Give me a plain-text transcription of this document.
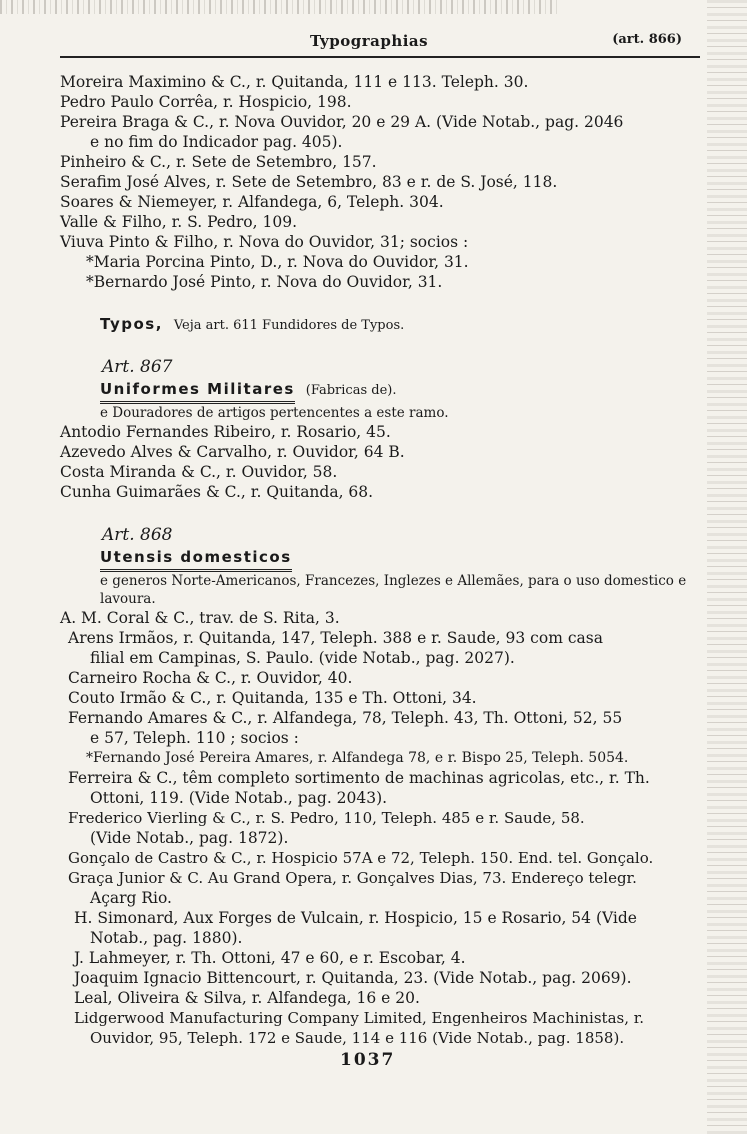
Typographias	(art. 866)
Moreira Maximino & C., r. Quitanda, 111 e 113. Teleph. 30.
Pedro Paulo Corrêa, r. Hospicio, 198.
Pereira Braga & C., r. Nova Ouvidor, 20 e 29 A. (Vide Notab., pag. 2046
e no fim do Indicador pag. 405).
Pinheiro & C., r. Sete de Setembro, 157.
Serafim José Alves, r. Sete de Setembro, 83 e r. de S. José, 118.
Soares & Niemeyer, r. Alfandega, 6, Teleph. 304.
Valle & Filho, r. S. Pedro, 109.
Viuva Pinto & Filho, r. Nova do Ouvidor, 31; socios :
*Maria Porcina Pinto, D., r. Nova do Ouvidor, 31.
*Bernardo José Pinto, r. Nova do Ouvidor, 31.
Typos, Veja art. 611 Fundidores de Typos.
Art. 867
Uniformes Militares (Fabricas de).
e Douradores de artigos pertencentes a este ramo.
Antodio Fernandes Ribeiro, r. Rosario, 45.
Azevedo Alves & Carvalho, r. Ouvidor, 64 B.
Costa Miranda & C., r. Ouvidor, 58.
Cunha Guimarães & C., r. Quitanda, 68.
Art. 868
Utensis domesticos
e generos Norte-Americanos, Francezes, Inglezes e Allemães, para o uso domestico e lavoura.
A. M. Coral & C., trav. de S. Rita, 3.
Arens Irmãos, r. Quitanda, 147, Teleph. 388 e r. Saude, 93 com casa
filial em Campinas, S. Paulo. (vide Notab., pag. 2027).
Carneiro Rocha & C., r. Ouvidor, 40.
Couto Irmão & C., r. Quitanda, 135 e Th. Ottoni, 34.
Fernando Amares & C., r. Alfandega, 78, Teleph. 43, Th. Ottoni, 52, 55
e 57, Teleph. 110 ; socios :
*Fernando José Pereira Amares, r. Alfandega 78, e r. Bispo 25, Teleph. 5054.
Ferreira & C., têm completo sortimento de machinas agricolas, etc., r. Th.
Ottoni, 119. (Vide Notab., pag. 2043).
Frederico Vierling & C., r. S. Pedro, 110, Teleph. 485 e r. Saude, 58.
(Vide Notab., pag. 1872).
Gonçalo de Castro & C., r. Hospicio 57A e 72, Teleph. 150. End. tel. Gonçalo.
Graça Junior & C. Au Grand Opera, r. Gonçalves Dias, 73. Endereço telegr.
Açarg Rio.
H. Simonard, Aux Forges de Vulcain, r. Hospicio, 15 e Rosario, 54 (Vide
Notab., pag. 1880).
J. Lahmeyer, r. Th. Ottoni, 47 e 60, e r. Escobar, 4.
Joaquim Ignacio Bittencourt, r. Quitanda, 23. (Vide Notab., pag. 2069).
Leal, Oliveira & Silva, r. Alfandega, 16 e 20.
Lidgerwood Manufacturing Company Limited, Engenheiros Machinistas, r.
Ouvidor, 95, Teleph. 172 e Saude, 114 e 116 (Vide Notab., pag. 1858).
1037
